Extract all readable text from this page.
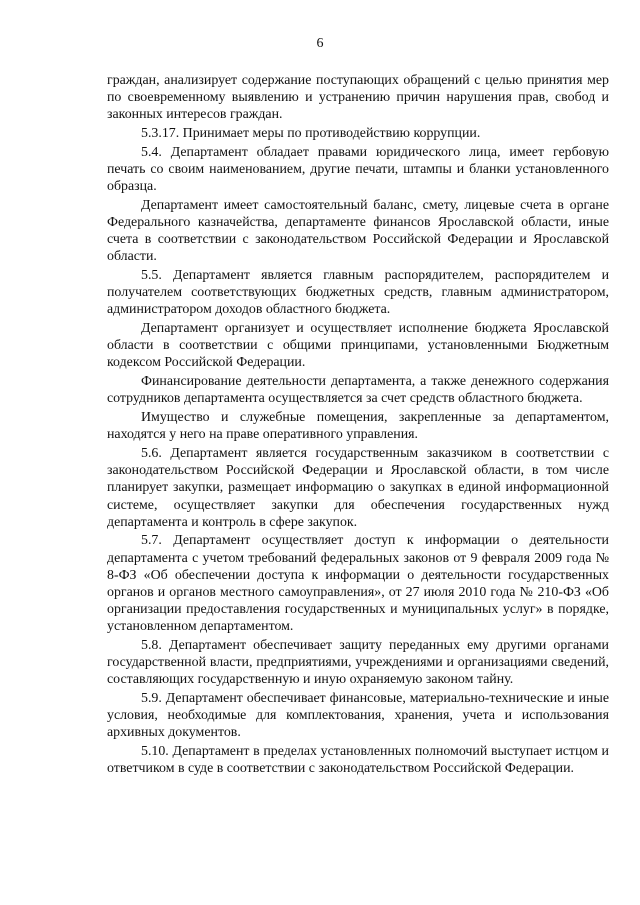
6

граждан, анализирует содержание поступающих обращений с целью принятия мер по своевременному выявлению и устранению причин нарушения прав, свобод и законных интересов граждан.

5.3.17. Принимает меры по противодействию коррупции.

5.4. Департамент обладает правами юридического лица, имеет гербовую печать со своим наименованием, другие печати, штампы и бланки установленного образца.

Департамент имеет самостоятельный баланс, смету, лицевые счета в органе Федерального казначейства, департаменте финансов Ярославской области, иные счета в соответствии с законодательством Российской Федерации и Ярославской области.

5.5. Департамент является главным распорядителем, распорядителем и получателем соответствующих бюджетных средств, главным администратором, администратором доходов областного бюджета.

Департамент организует и осуществляет исполнение бюджета Ярославской области в соответствии с общими принципами, установленными Бюджетным кодексом Российской Федерации.

Финансирование деятельности департамента, а также денежного содержания сотрудников департамента осуществляется за счет средств областного бюджета.

Имущество и служебные помещения, закрепленные за департаментом, находятся у него на праве оперативного управления.

5.6. Департамент является государственным заказчиком в соответствии с законодательством Российской Федерации и Ярославской области, в том числе планирует закупки, размещает информацию о закупках в единой информационной системе, осуществляет закупки для обеспечения государственных нужд департамента и контроль в сфере закупок.

5.7. Департамент осуществляет доступ к информации о деятельности департамента с учетом требований федеральных законов от 9 февраля 2009 года № 8-ФЗ «Об обеспечении доступа к информации о деятельности государственных органов и органов местного самоуправления», от 27 июля 2010 года № 210-ФЗ «Об организации предоставления государственных и муниципальных услуг» в порядке, установленном департаментом.

5.8. Департамент обеспечивает защиту переданных ему другими органами государственной власти, предприятиями, учреждениями и организациями сведений, составляющих государственную и иную охраняемую законом тайну.

5.9. Департамент обеспечивает финансовые, материально-технические и иные условия, необходимые для комплектования, хранения, учета и использования архивных документов.

5.10. Департамент в пределах установленных полномочий выступает истцом и ответчиком в суде в соответствии с законодательством Российской Федерации.
